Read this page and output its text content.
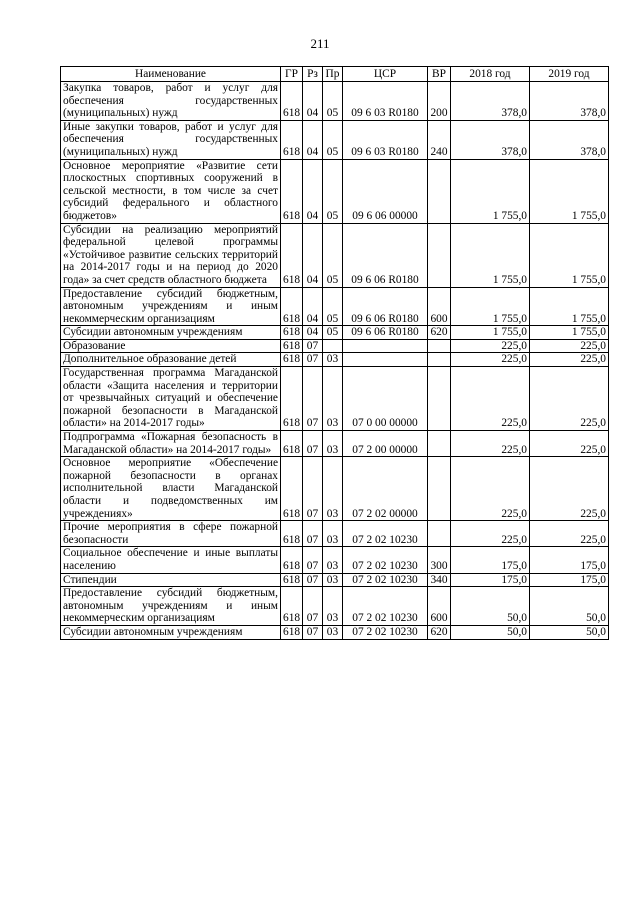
211
Наименование	ГР	Рз	Пр	ЦСР	ВР	2018 год	2019 год
Закупка товаров, работ и услуг для обеспечения государственных (муниципальных) нужд	618	04	05	09 6 03 R0180	200	378,0	378,0
Иные закупки товаров, работ и услуг для обеспечения государственных (муниципальных) нужд	618	04	05	09 6 03 R0180	240	378,0	378,0
Основное мероприятие «Развитие сети плоскостных спортивных сооружений в сельской местности, в том числе за счет субсидий федерального и областного бюджетов»	618	04	05	09 6 06 00000		1 755,0	1 755,0
Субсидии на реализацию мероприятий федеральной целевой программы «Устойчивое развитие сельских территорий на 2014-2017 годы и на период до 2020 года» за счет средств областного бюджета	618	04	05	09 6 06 R0180		1 755,0	1 755,0
Предоставление субсидий бюджетным, автономным учреждениям и иным некоммерческим организациям	618	04	05	09 6 06 R0180	600	1 755,0	1 755,0
Субсидии автономным учреждениям	618	04	05	09 6 06 R0180	620	1 755,0	1 755,0
Образование	618	07				225,0	225,0
Дополнительное образование детей	618	07	03			225,0	225,0
Государственная программа Магаданской области «Защита населения и территории от чрезвычайных ситуаций и обеспечение пожарной безопасности в Магаданской области» на 2014-2017 годы»	618	07	03	07 0 00 00000		225,0	225,0
Подпрограмма «Пожарная безопасность в Магаданской области» на 2014-2017 годы»	618	07	03	07 2 00 00000		225,0	225,0
Основное мероприятие «Обеспечение пожарной безопасности в органах исполнительной власти Магаданской области и подведомственных им учреждениях»	618	07	03	07 2 02 00000		225,0	225,0
Прочие мероприятия в сфере пожарной безопасности	618	07	03	07 2 02 10230		225,0	225,0
Социальное обеспечение и иные выплаты населению	618	07	03	07 2 02 10230	300	175,0	175,0
Стипендии	618	07	03	07 2 02 10230	340	175,0	175,0
Предоставление субсидий бюджетным, автономным учреждениям и иным некоммерческим организациям	618	07	03	07 2 02 10230	600	50,0	50,0
Субсидии автономным учреждениям	618	07	03	07 2 02 10230	620	50,0	50,0
